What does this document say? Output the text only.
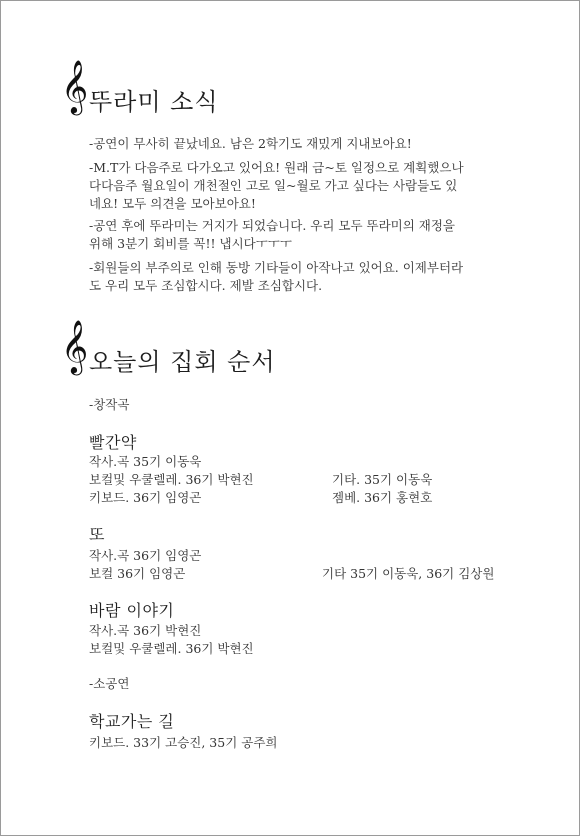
𝄞 뚜라미 소식
-공연이 무사히 끝났네요. 남은 2학기도 재밌게 지내보아요!
-M.T가 다음주로 다가오고 있어요! 원래 금~토 일정으로 계획했으나
다다음주 월요일이 개천절인 고로 일~월로 가고 싶다는 사람들도 있
네요! 모두 의견을 모아보아요!
-공연 후에 뚜라미는 거지가 되었습니다. 우리 모두 뚜라미의 재정을
위해 3분기 회비를 꼭!! 냅시다ㅜㅜㅜ
-회원들의 부주의로 인해 동방 기타들이 아작나고 있어요. 이제부터라
도 우리 모두 조심합시다. 제발 조심합시다.
𝄞 오늘의 집회 순서
-창작곡
빨간약
작사.곡 35기 이동욱
보컬및 우쿨렐레. 36기 박현진	기타. 35기 이동욱
키보드. 36기 임영곤	젬베. 36기 홍현호
또
작사.곡 36기 임영곤
보컬 36기 임영곤	기타 35기 이동욱, 36기 김상원
바람 이야기
작사.곡 36기 박현진
보컬및 우쿨렐레. 36기 박현진
-소공연
학교가는 길
키보드. 33기 고승진, 35기 공주희
